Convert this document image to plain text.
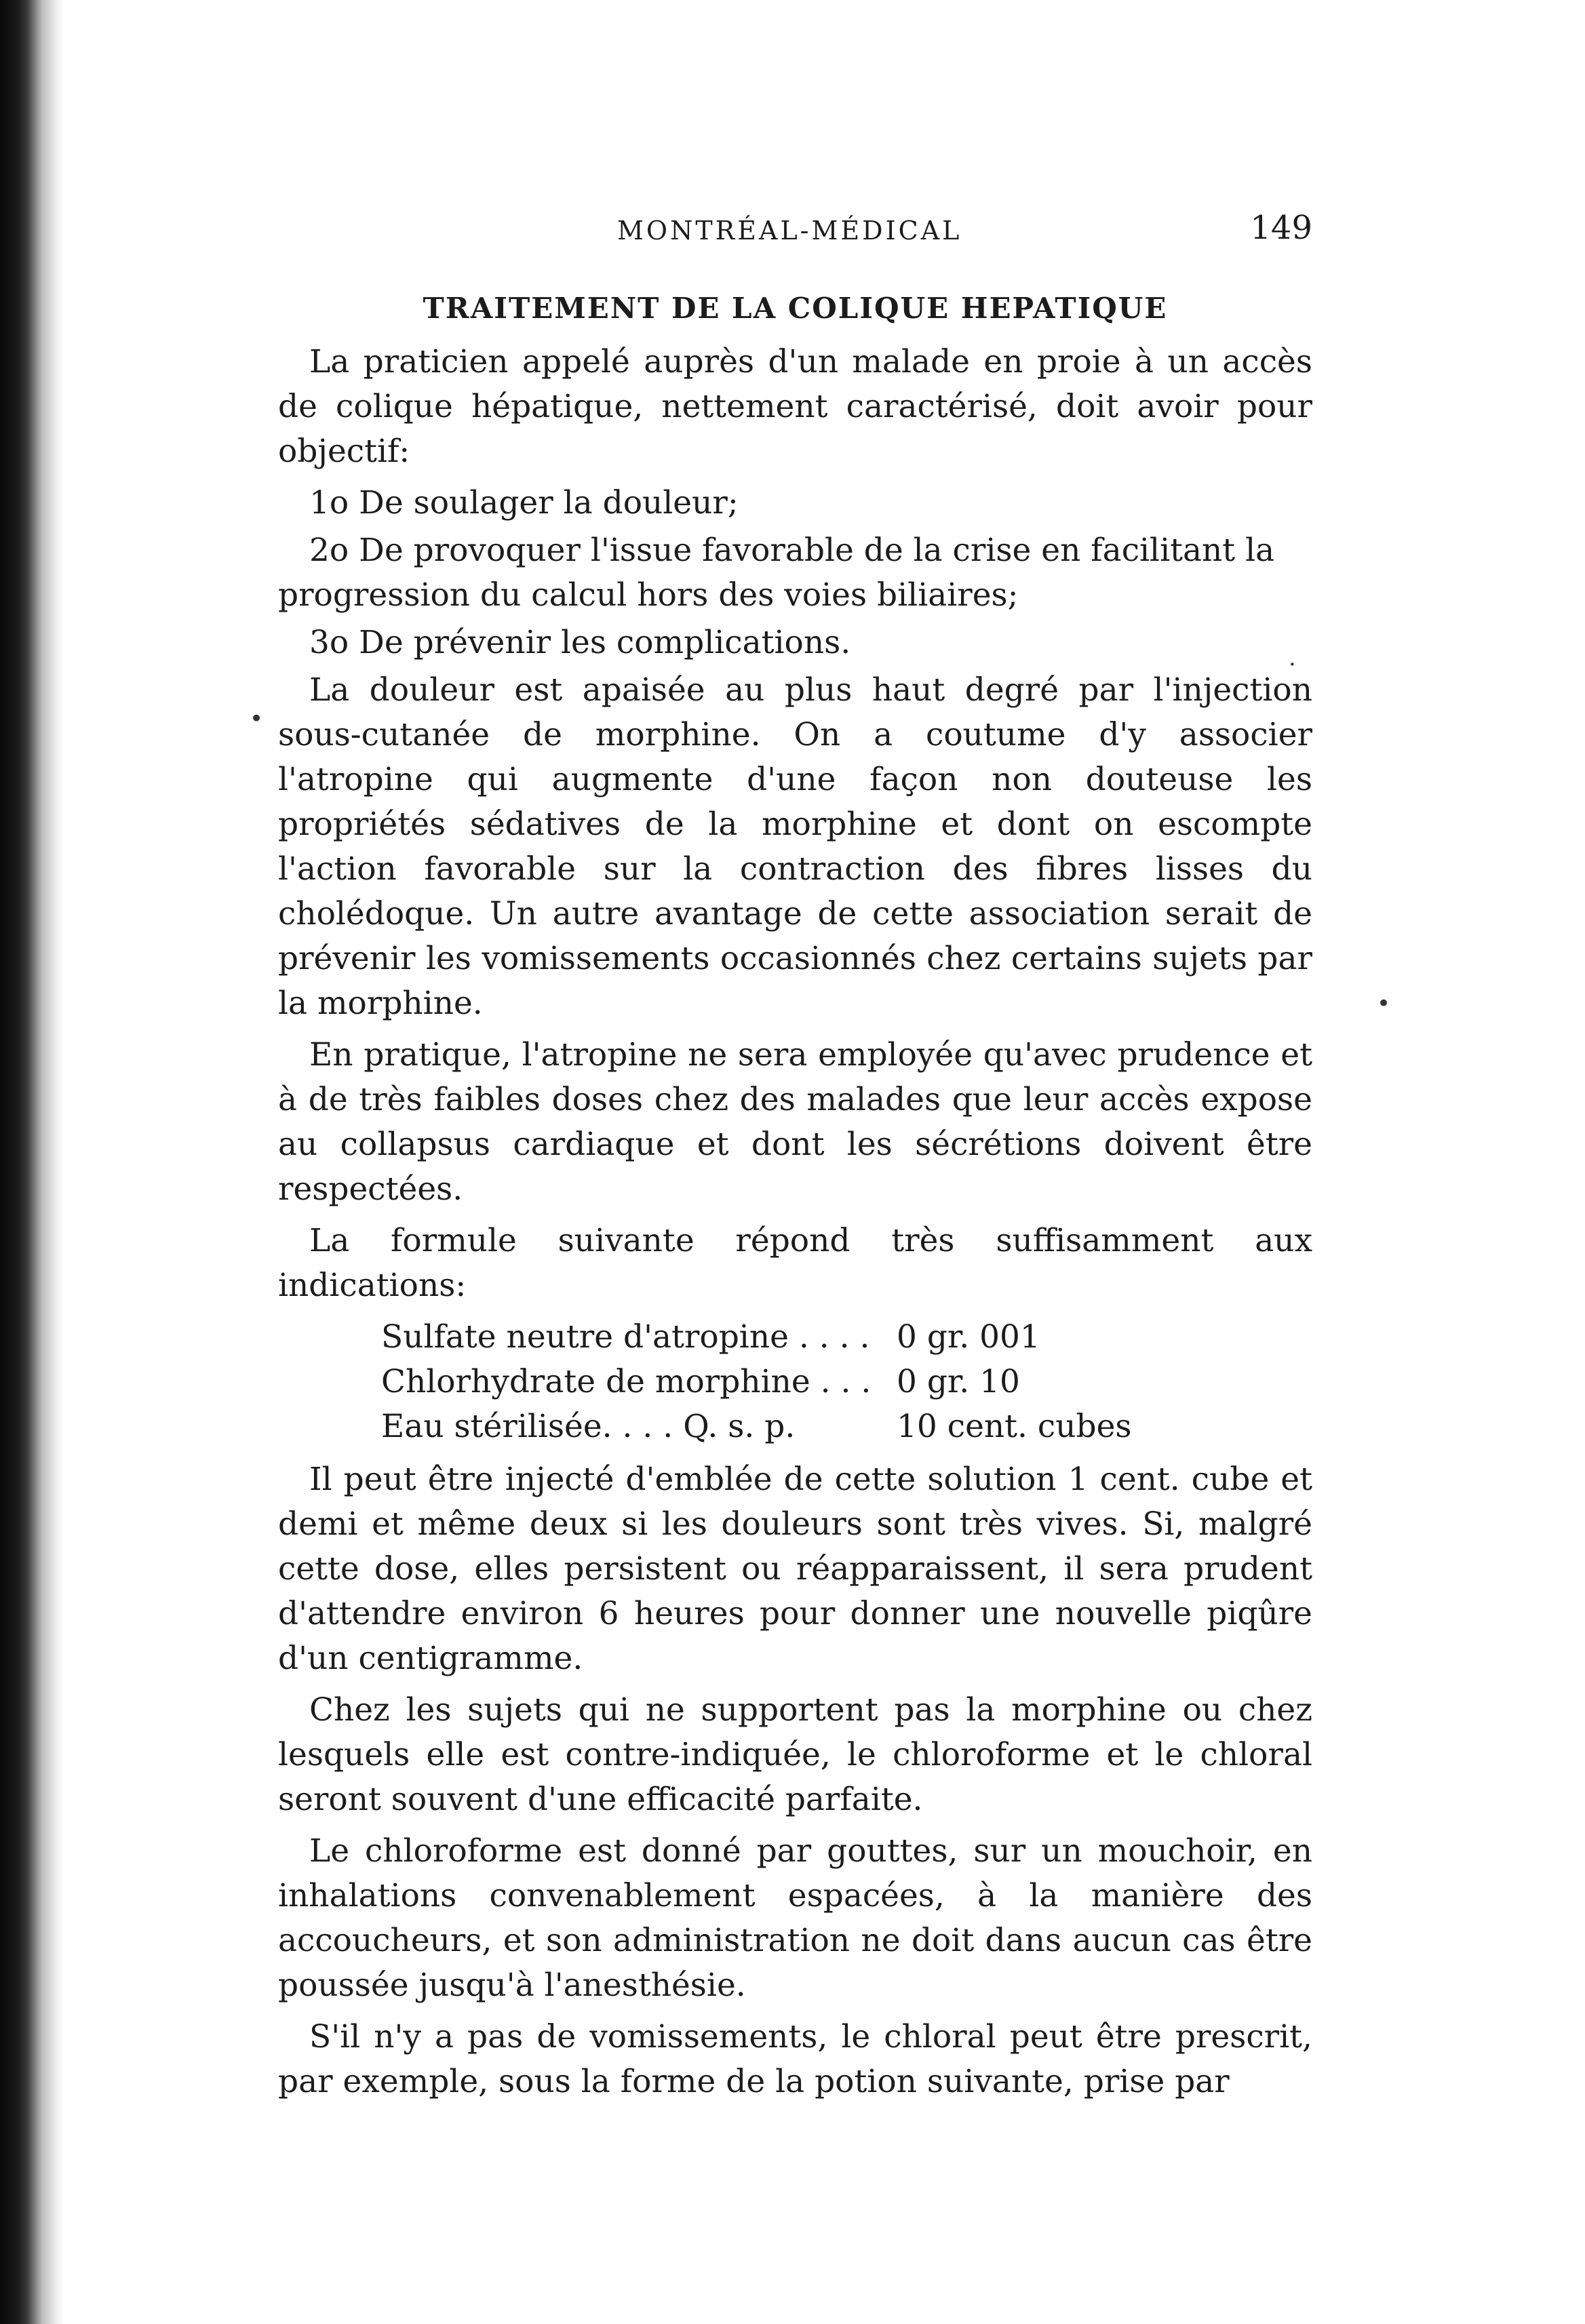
MONTRÉAL-MÉDICAL	149
TRAITEMENT DE LA COLIQUE HEPATIQUE

La praticien appelé auprès d'un malade en proie à un accès de colique hépatique, nettement caractérisé, doit avoir pour objectif:

1o De soulager la douleur;

2o De provoquer l'issue favorable de la crise en facilitant la progression du calcul hors des voies biliaires;

3o De prévenir les complications.

La douleur est apaisée au plus haut degré par l'injection sous-cutanée de morphine. On a coutume d'y associer l'atropine qui augmente d'une façon non douteuse les propriétés sédatives de la morphine et dont on escompte l'action favorable sur la contraction des fibres lisses du cholédoque. Un autre avantage de cette association serait de prévenir les vomissements occasionnés chez certains sujets par la morphine.

En pratique, l'atropine ne sera employée qu'avec prudence et à de très faibles doses chez des malades que leur accès expose au collapsus cardiaque et dont les sécrétions doivent être respectées.

La formule suivante répond très suffisamment aux indications:

Sulfate neutre d'atropine . . . . 0 gr. 001
Chlorhydrate de morphine . . . 0 gr. 10
Eau stérilisée. . . . Q. s. p.	10 cent. cubes

Il peut être injecté d'emblée de cette solution 1 cent. cube et demi et même deux si les douleurs sont très vives. Si, malgré cette dose, elles persistent ou réapparaissent, il sera prudent d'attendre environ 6 heures pour donner une nouvelle piqûre d'un centigramme.

Chez les sujets qui ne supportent pas la morphine ou chez lesquels elle est contre-indiquée, le chloroforme et le chloral seront souvent d'une efficacité parfaite.

Le chloroforme est donné par gouttes, sur un mouchoir, en inhalations convenablement espacées, à la manière des accoucheurs, et son administration ne doit dans aucun cas être poussée jusqu'à l'anesthésie.

S'il n'y a pas de vomissements, le chloral peut être prescrit, par exemple, sous la forme de la potion suivante, prise par

•
•
·
